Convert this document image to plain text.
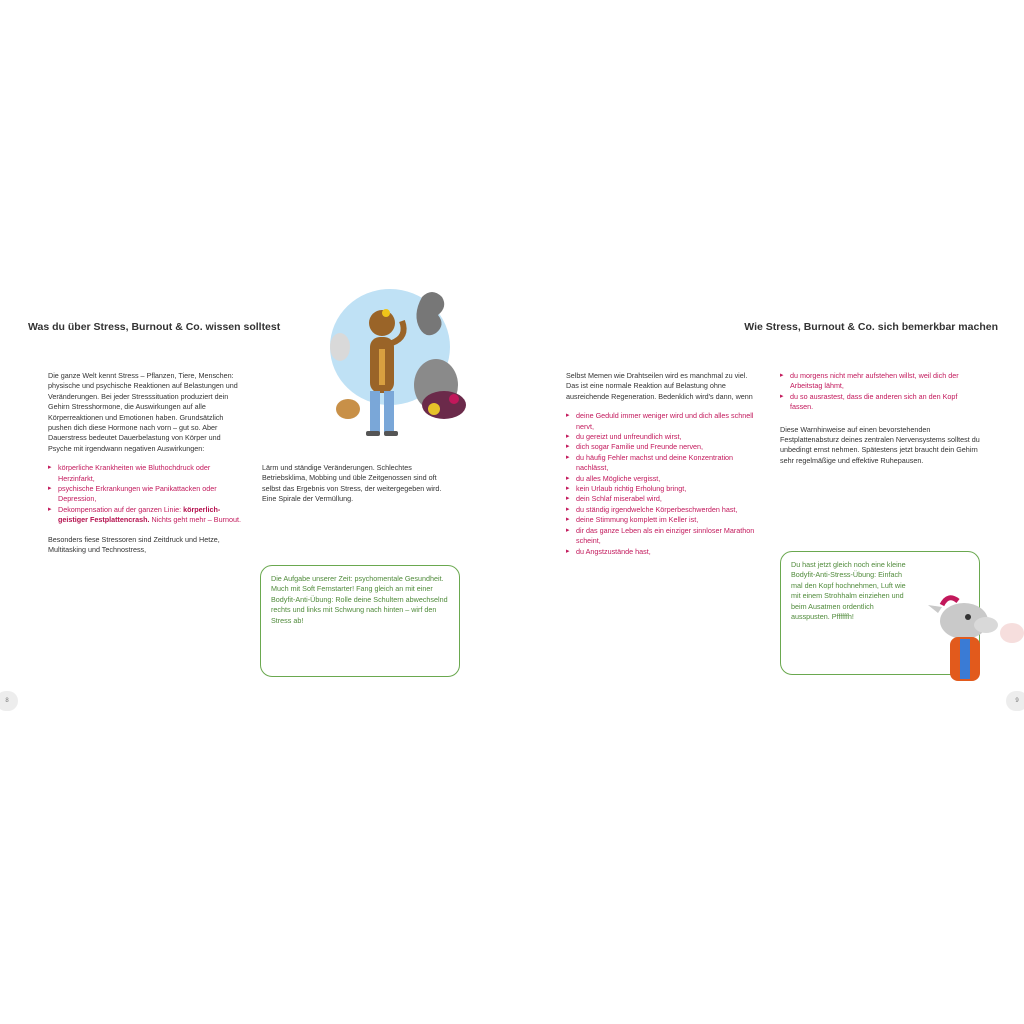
Was du über Stress, Burnout & Co. wissen solltest

Die ganze Welt kennt Stress – Pflanzen, Tiere, Menschen: physische und psychische Reaktionen auf Belastungen und Veränderungen. Bei jeder Stresssituation produziert dein Gehirn Stresshormone, die Auswirkungen auf alle Körperreaktionen und Emotionen haben. Grundsätzlich pushen dich diese Hormone nach vorn – gut so. Aber Dauerstress bedeutet Dauerbelastung von Körper und Psyche mit irgendwann negativen Auswirkungen:

▸ körperliche Krankheiten wie Bluthochdruck oder Herzinfarkt,
▸ psychische Erkrankungen wie Panikattacken oder Depression,
▸ Dekompensation auf der ganzen Linie: körperlich-geistiger Festplattencrash. Nichts geht mehr – Burnout.

Besonders fiese Stressoren sind Zeitdruck und Hetze, Multitasking und Technostress,

Lärm und ständige Veränderungen. Schlechtes Betriebsklima, Mobbing und üble Zeitgenossen sind oft selbst das Ergebnis von Stress, der weitergegeben wird. Eine Spirale der Vermüllung.

Die Aufgabe unserer Zeit: psychomentale Gesundheit. Much mit Soft Fernstarter! Fang gleich an mit einer Bodyfit-Anti-Übung: Rolle deine Schultern abwechselnd rechts und links mit Schwung nach hinten – wirf den Stress ab!
8
Wie Stress, Burnout & Co. sich bemerkbar machen

Selbst Memen wie Drahtseilen wird es manchmal zu viel. Das ist eine normale Reaktion auf Belastung ohne ausreichende Regeneration. Bedenklich wird's dann, wenn

▸ deine Geduld immer weniger wird und dich alles schnell nervt,
▸ du gereizt und unfreundlich wirst,
▸ dich sogar Familie und Freunde nerven,
▸ du häufig Fehler machst und deine Konzentration nachlässt,
▸ du alles Mögliche vergisst,
▸ kein Urlaub richtig Erholung bringt,
▸ dein Schlaf miserabel wird,
▸ du ständig irgendwelche Körperbeschwerden hast,
▸ deine Stimmung komplett im Keller ist,
▸ dir das ganze Leben als ein einziger sinnloser Marathon scheint,
▸ du Angstzustände hast,
▸ du morgens nicht mehr aufstehen willst, weil dich der Arbeitstag lähmt,
▸ du so ausrastest, dass die anderen sich an den Kopf fassen.

Diese Warnhinweise auf einen bevorstehenden Festplattenabsturz deines zentralen Nervensystems solltest du unbedingt ernst nehmen. Spätestens jetzt braucht dein Gehirn sehr regelmäßige und effektive Ruhepausen.

Du hast jetzt gleich noch eine kleine Bodyfit-Anti-Stress-Übung: Einfach mal den Kopf hochnehmen, Luft wie mit einem Strohhalm einziehen und beim Ausatmen ordentlich ausspusten. Pffffffh!
9
